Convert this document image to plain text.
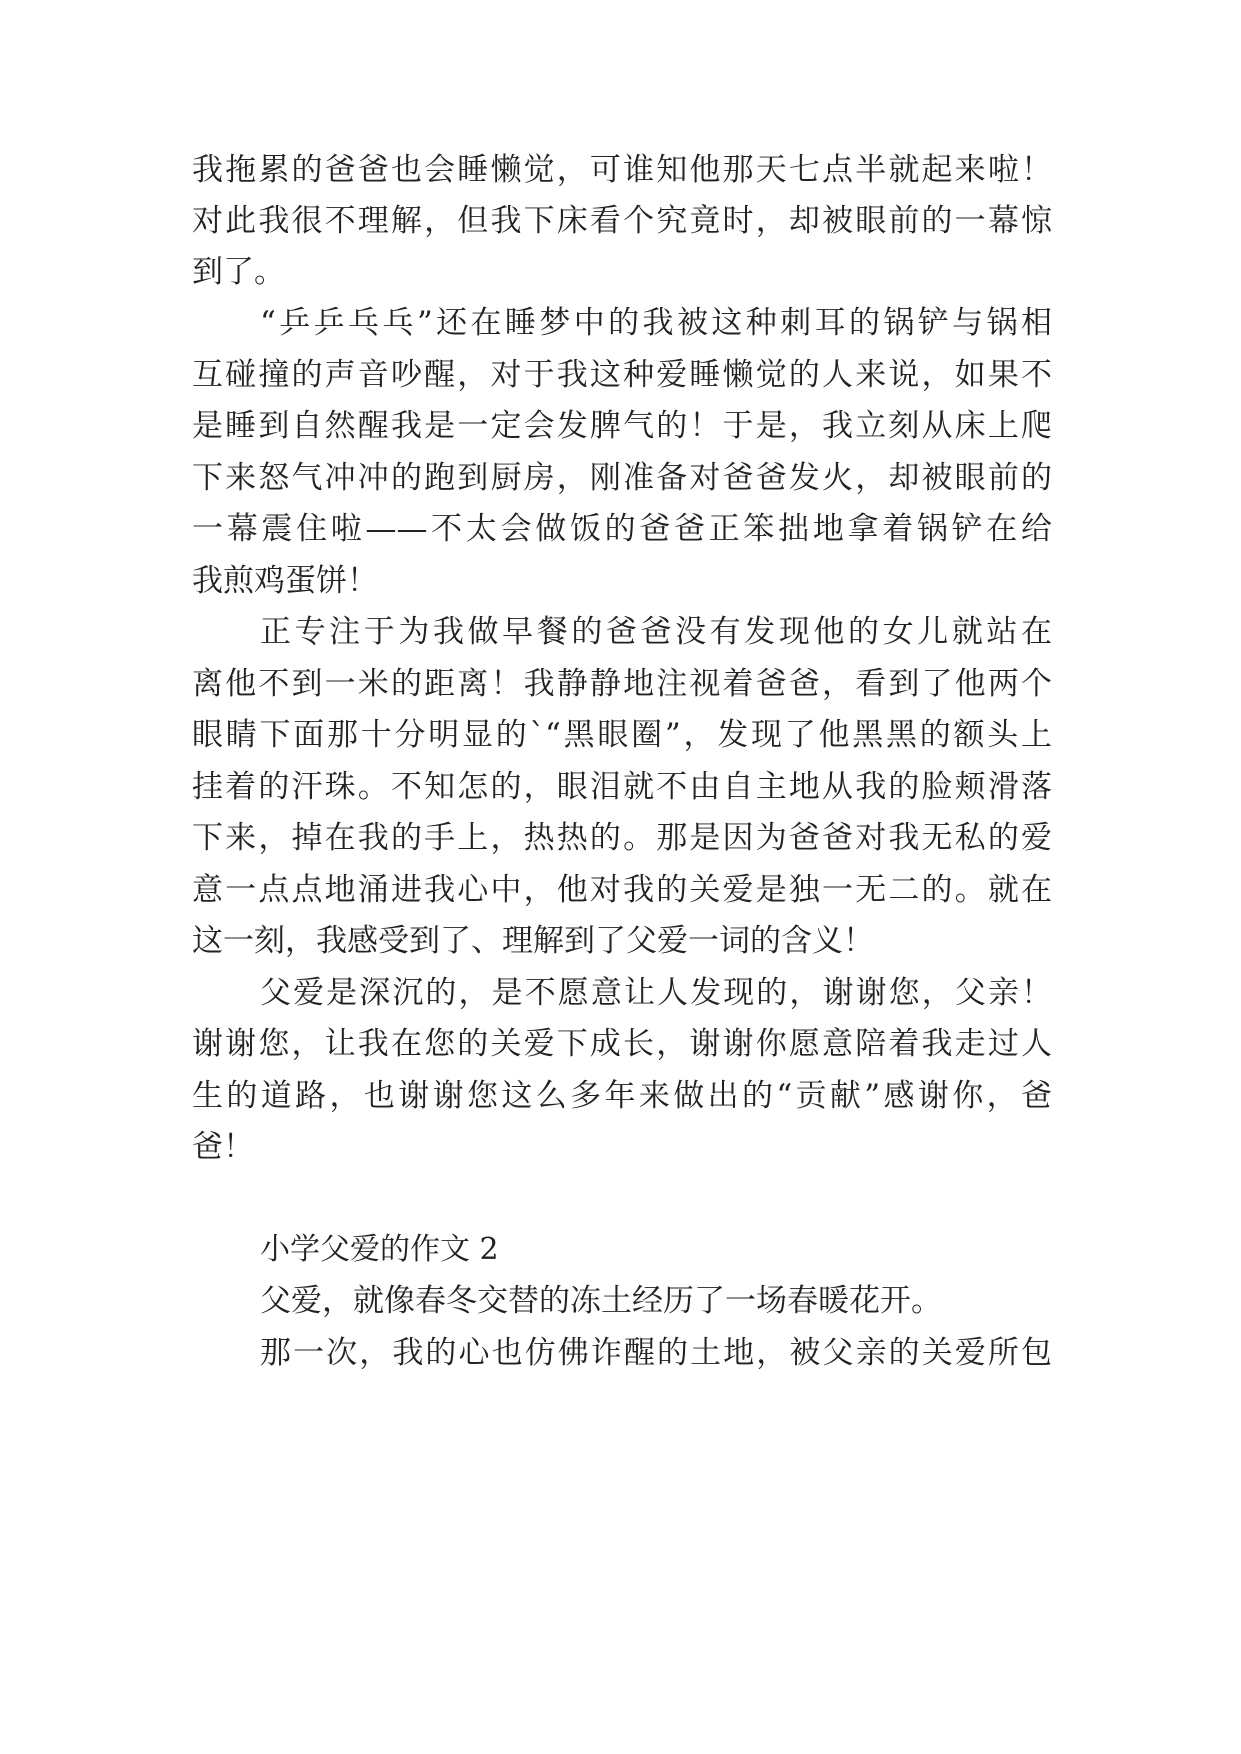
我拖累的爸爸也会睡懒觉，可谁知他那天七点半就起来啦！
对此我很不理解，但我下床看个究竟时，却被眼前的一幕惊
到了。
“乒乒乓乓”还在睡梦中的我被这种刺耳的锅铲与锅相
互碰撞的声音吵醒，对于我这种爱睡懒觉的人来说，如果不
是睡到自然醒我是一定会发脾气的！于是，我立刻从床上爬
下来怒气冲冲的跑到厨房，刚准备对爸爸发火，却被眼前的
一幕震住啦——不太会做饭的爸爸正笨拙地拿着锅铲在给
我煎鸡蛋饼！
正专注于为我做早餐的爸爸没有发现他的女儿就站在
离他不到一米的距离！我静静地注视着爸爸，看到了他两个
眼睛下面那十分明显的`“黑眼圈”，发现了他黑黑的额头上
挂着的汗珠。不知怎的，眼泪就不由自主地从我的脸颊滑落
下来，掉在我的手上，热热的。那是因为爸爸对我无私的爱
意一点点地涌进我心中，他对我的关爱是独一无二的。就在
这一刻，我感受到了、理解到了父爱一词的含义！
父爱是深沉的，是不愿意让人发现的，谢谢您，父亲！
谢谢您，让我在您的关爱下成长，谢谢你愿意陪着我走过人
生的道路，也谢谢您这么多年来做出的“贡献”感谢你，爸
爸！
小学父爱的作文 2
父爱，就像春冬交替的冻土经历了一场春暖花开。
那一次，我的心也仿佛诈醒的土地，被父亲的关爱所包
